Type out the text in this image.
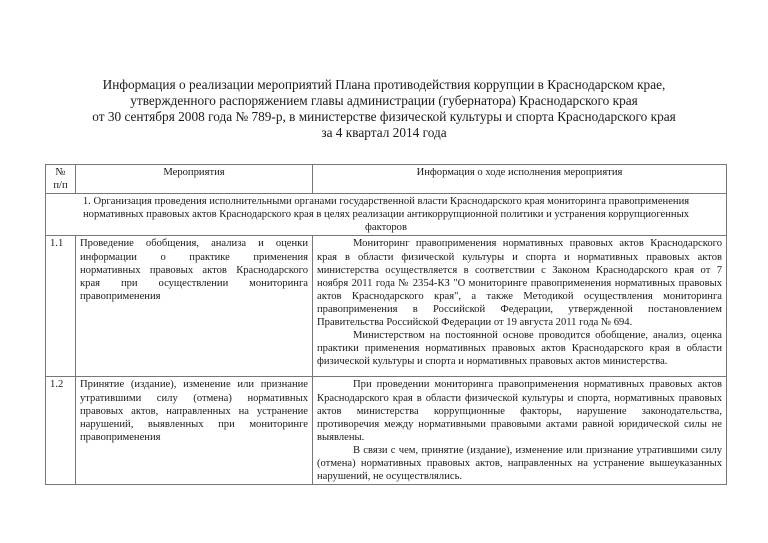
Информация о реализации мероприятий Плана противодействия коррупции в Краснодарском крае,
утвержденного распоряжением главы администрации (губернатора) Краснодарского края
от 30 сентября 2008 года № 789-р, в министерстве физической культуры и спорта Краснодарского края
за 4 квартал 2014 года
№ п/п	Мероприятия	Информация о ходе исполнения мероприятия
1. Организация проведения исполнительными органами государственной власти Краснодарского края мониторинга правоприменения нормативных правовых актов Краснодарского края в целях реализации антикоррупционной политики и устранения коррупциогенных факторов		
1.1	Проведение обобщения, анализа и оценки информации о практике применения нормативных правовых актов Краснодарского края при осуществлении мониторинга правоприменения	Мониторинг правоприменения нормативных правовых актов Краснодарского края в области физической культуры и спорта и нормативных правовых актов министерства осуществляется в соответствии с Законом Краснодарского края от 7 ноября 2011 года № 2354-КЗ "О мониторинге правоприменения нормативных правовых актов Краснодарского края", а также Методикой осуществления мониторинга правоприменения в Российской Федерации, утвержденной постановлением Правительства Российской Федерации от 19 августа 2011 года № 694.

Министерством на постоянной основе проводится обобщение, анализ, оценка практики применения нормативных правовых актов Краснодарского края в области физической культуры и спорта и нормативных правовых актов министерства.

1.2	Принятие (издание), изменение или признание утратившими силу (отмена) нормативных правовых актов, направленных на устранение нарушений, выявленных при мониторинге правоприменения	При проведении мониторинга правоприменения нормативных правовых актов Краснодарского края в области физической культуры и спорта, нормативных правовых актов министерства коррупционные факторы, нарушение законодательства, противоречия между нормативными правовыми актами равной юридической силы не выявлены.

В связи с чем, принятие (издание), изменение или признание утратившими силу (отмена) нормативных правовых актов, направленных на устранение вышеуказанных нарушений, не осуществлялись.
